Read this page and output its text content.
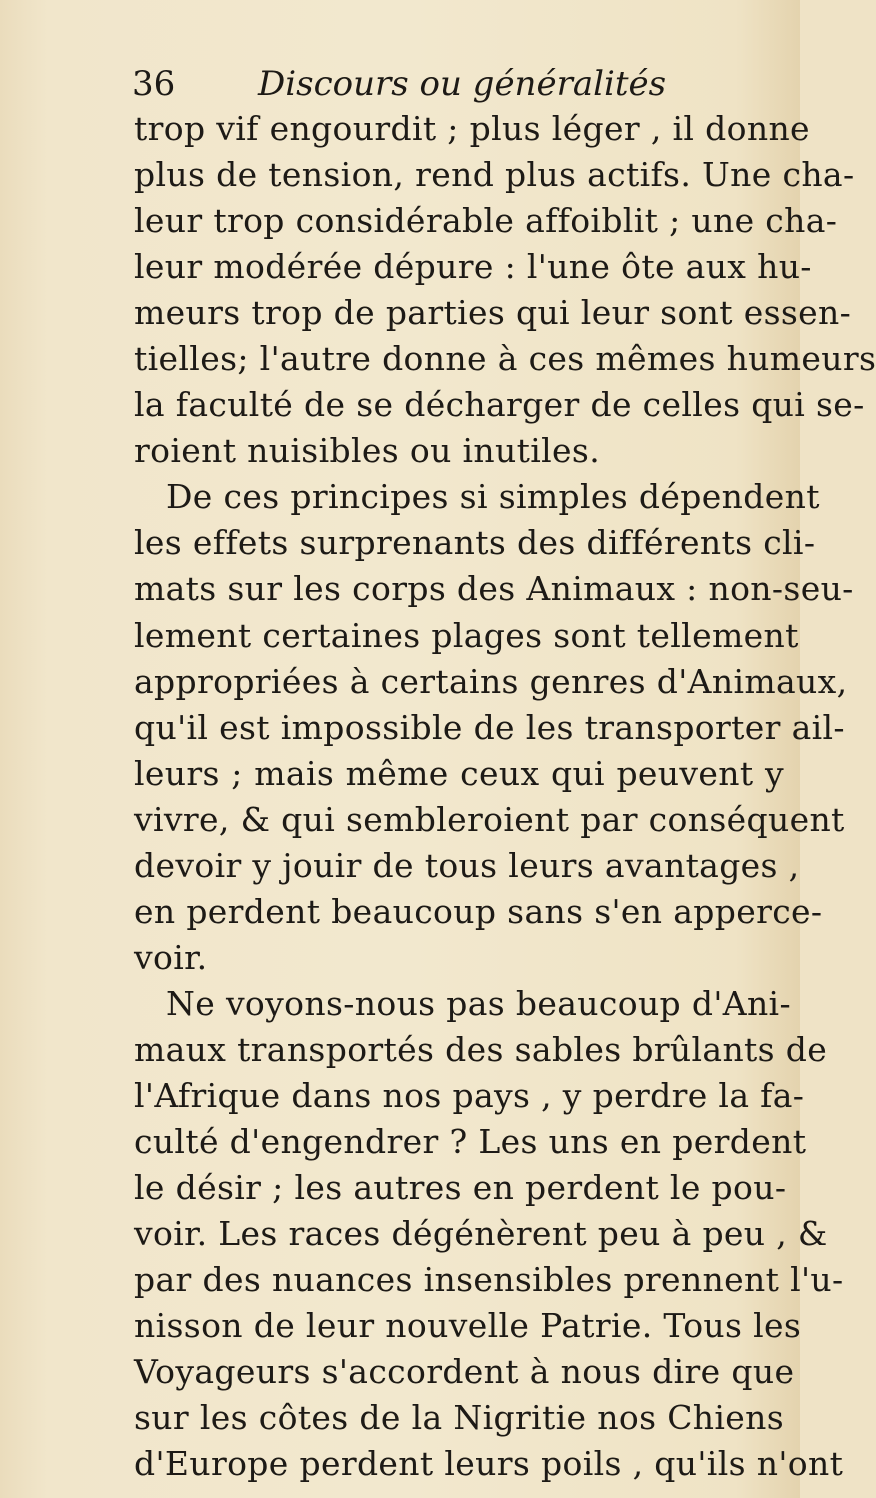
36 Discours ou généralités
trop vif engourdit ; plus léger , il donne
plus de tension, rend plus actifs. Une cha-
leur trop considérable affoiblit ; une cha-
leur modérée dépure : l'une ôte aux hu-
meurs trop de parties qui leur sont essen-
tielles; l'autre donne à ces mêmes humeurs
la faculté de se décharger de celles qui se-
roient nuisibles ou inutiles.
De ces principes si simples dépendent
les effets surprenants des différents cli-
mats sur les corps des Animaux : non-seu-
lement certaines plages sont tellement
appropriées à certains genres d'Animaux,
qu'il est impossible de les transporter ail-
leurs ; mais même ceux qui peuvent y
vivre, & qui sembleroient par conséquent
devoir y jouir de tous leurs avantages ,
en perdent beaucoup sans s'en apperce-
voir.
Ne voyons-nous pas beaucoup d'Ani-
maux transportés des sables brûlants de
l'Afrique dans nos pays , y perdre la fa-
culté d'engendrer ? Les uns en perdent
le désir ; les autres en perdent le pou-
voir. Les races dégénèrent peu à peu , &
par des nuances insensibles prennent l'u-
nisson de leur nouvelle Patrie. Tous les
Voyageurs s'accordent à nous dire que
sur les côtes de la Nigritie nos Chiens
d'Europe perdent leurs poils , qu'ils n'ont
